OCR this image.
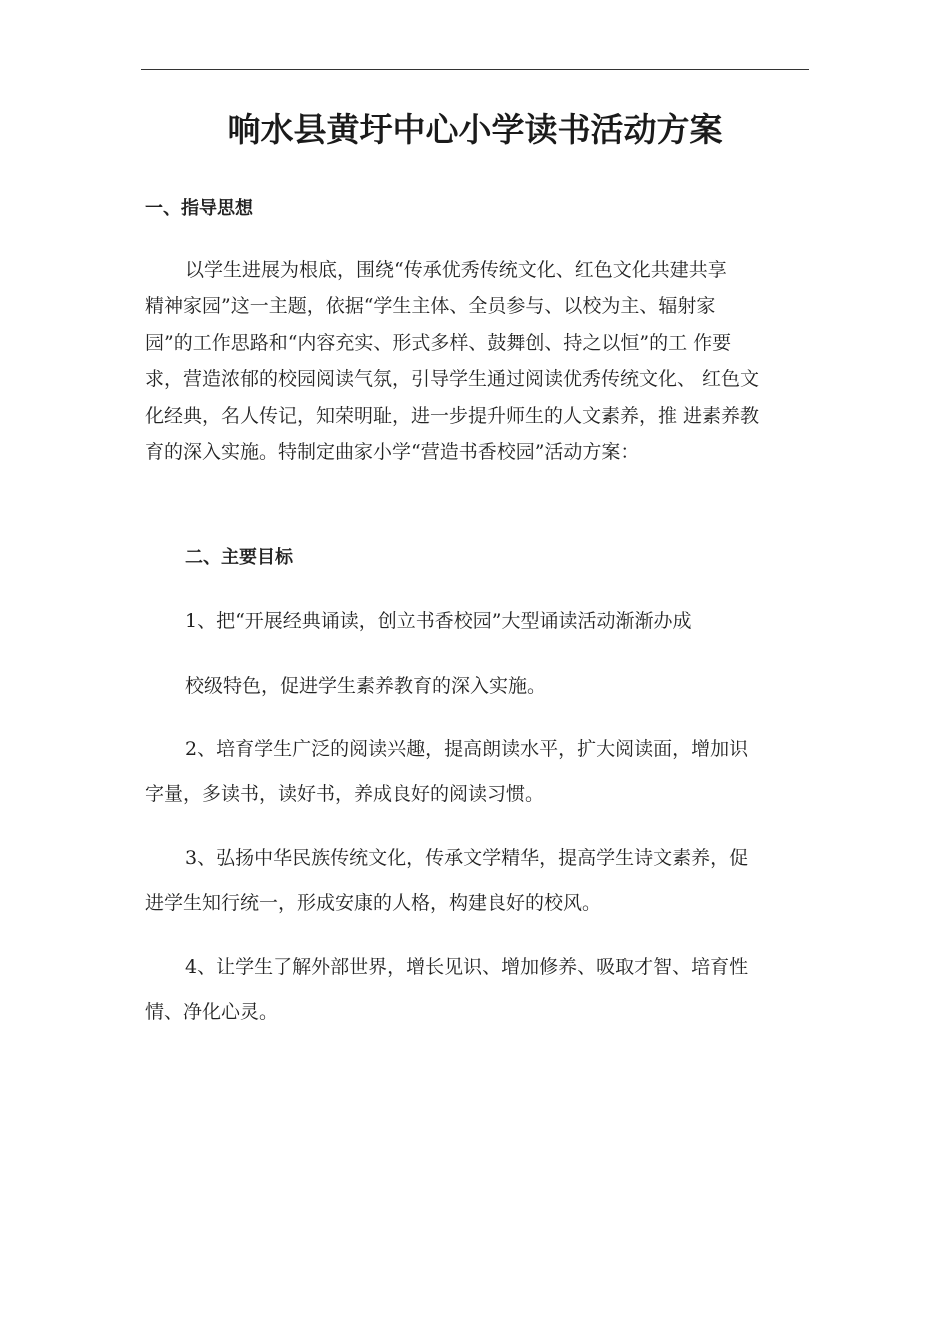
响水县黄圩中心小学读书活动方案
一、指导思想
以学生进展为根底，围绕“传承优秀传统文化、红色文化共建共享
精神家园”这一主题，依据“学生主体、全员参与、以校为主、辐射家
园”的工作思路和“内容充实、形式多样、鼓舞创、持之以恒”的工 作要
求，营造浓郁的校园阅读气氛，引导学生通过阅读优秀传统文化、 红色文
化经典，名人传记，知荣明耻，进一步提升师生的人文素养，推 进素养教
育的深入实施。特制定曲家小学“营造书香校园”活动方案：
二、主要目标
1、把“开展经典诵读，创立书香校园”大型诵读活动渐渐办成
校级特色，促进学生素养教育的深入实施。
2、培育学生广泛的阅读兴趣，提高朗读水平，扩大阅读面，增加识
字量，多读书，读好书，养成良好的阅读习惯。
3、弘扬中华民族传统文化，传承文学精华，提高学生诗文素养，促
进学生知行统一，形成安康的人格，构建良好的校风。
4、让学生了解外部世界，增长见识、增加修养、吸取才智、培育性
情、净化心灵。
